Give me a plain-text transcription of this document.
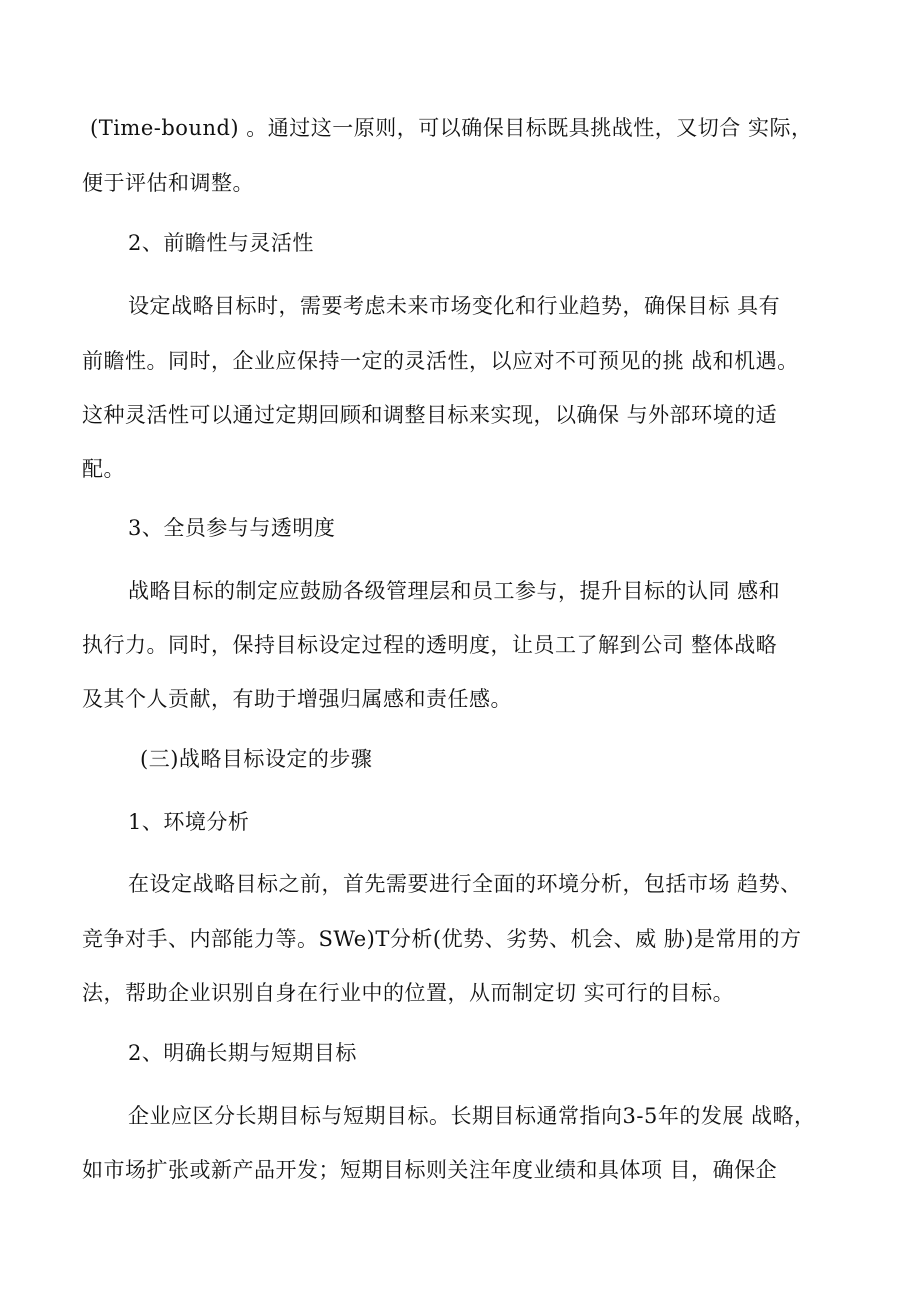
(Time-bound) 。通过这一原则，可以确保目标既具挑战性，又切合 实际，
便于评估和调整。
2、前瞻性与灵活性
设定战略目标时，需要考虑未来市场变化和行业趋势，确保目标 具有
前瞻性。同时，企业应保持一定的灵活性，以应对不可预见的挑 战和机遇。
这种灵活性可以通过定期回顾和调整目标来实现，以确保 与外部环境的适
配。
3、全员参与与透明度
战略目标的制定应鼓励各级管理层和员工参与，提升目标的认同 感和
执行力。同时，保持目标设定过程的透明度，让员工了解到公司 整体战略
及其个人贡献，有助于增强归属感和责任感。
(三)战略目标设定的步骤
1、环境分析
在设定战略目标之前，首先需要进行全面的环境分析，包括市场 趋势、
竞争对手、内部能力等。SWe)T分析(优势、劣势、机会、威 胁)是常用的方
法，帮助企业识别自身在行业中的位置，从而制定切 实可行的目标。
2、明确长期与短期目标
企业应区分长期目标与短期目标。长期目标通常指向3-5年的发展 战略，
如市场扩张或新产品开发；短期目标则关注年度业绩和具体项 目，确保企
